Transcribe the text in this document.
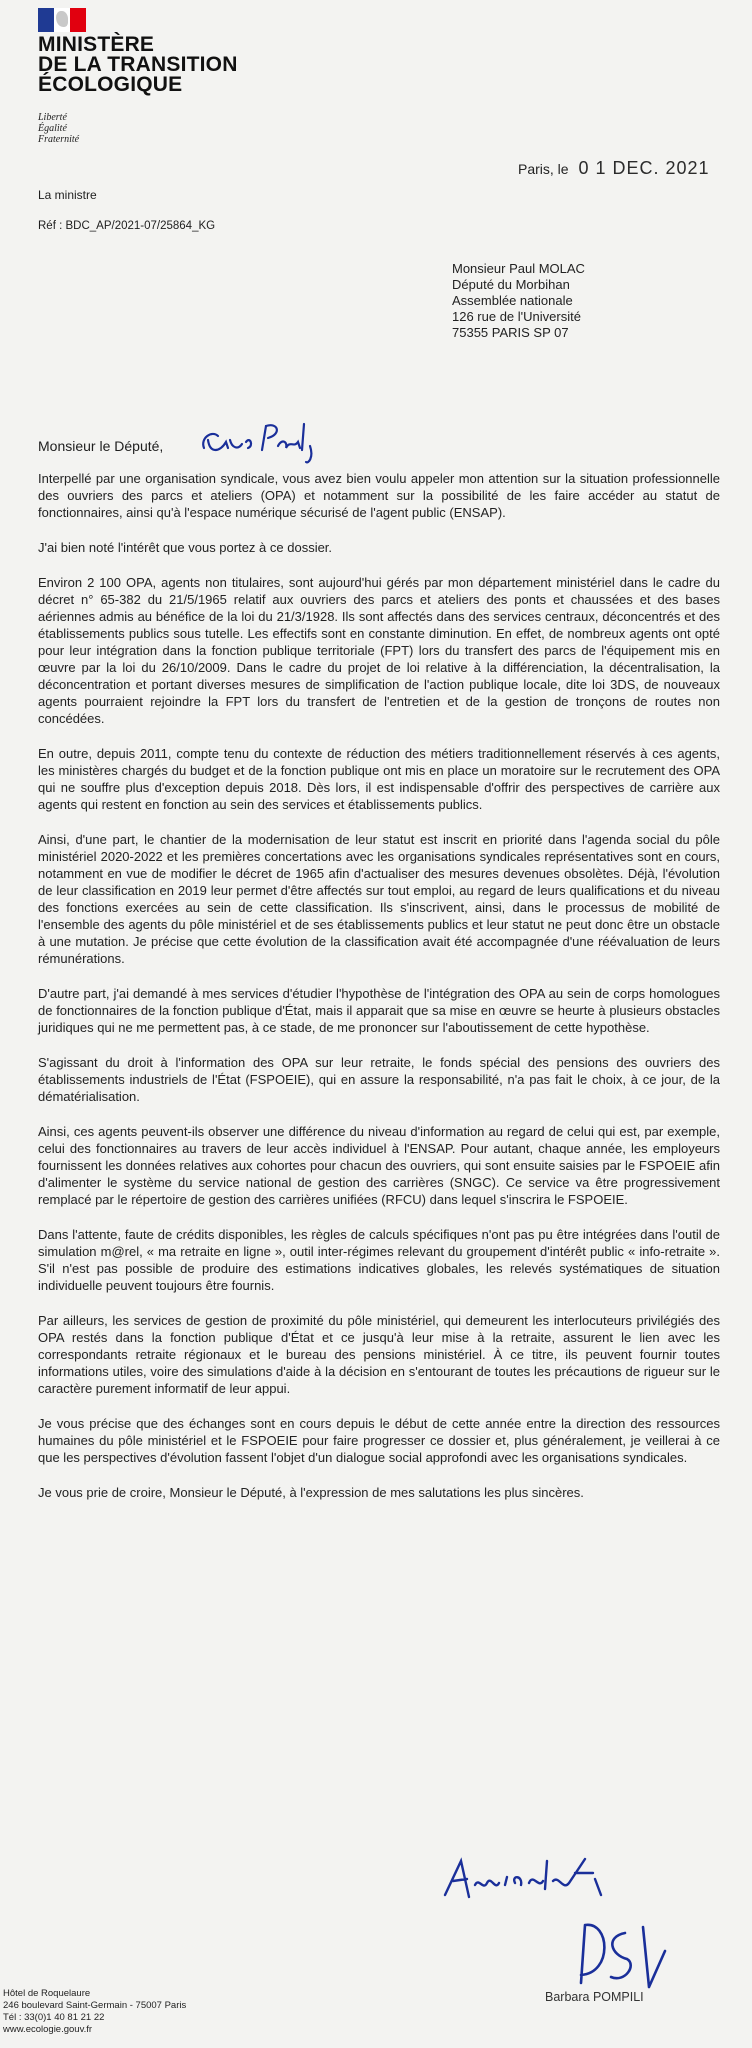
MINISTÈRE
DE LA TRANSITION
ÉCOLOGIQUE
Liberté
Égalité
Fraternité
Paris, le 0 1 DEC. 2021
La ministre
Réf : BDC_AP/2021-07/25864_KG
Monsieur Paul MOLAC
Député du Morbihan
Assemblée nationale
126 rue de l'Université
75355 PARIS SP 07
Monsieur le Député,

Interpellé par une organisation syndicale, vous avez bien voulu appeler mon attention sur la situation professionnelle des ouvriers des parcs et ateliers (OPA) et notamment sur la possibilité de les faire accéder au statut de fonctionnaires, ainsi qu'à l'espace numérique sécurisé de l'agent public (ENSAP).

J'ai bien noté l'intérêt que vous portez à ce dossier.

Environ 2 100 OPA, agents non titulaires, sont aujourd'hui gérés par mon département ministériel dans le cadre du décret n° 65-382 du 21/5/1965 relatif aux ouvriers des parcs et ateliers des ponts et chaussées et des bases aériennes admis au bénéfice de la loi du 21/3/1928. Ils sont affectés dans des services centraux, déconcentrés et des établissements publics sous tutelle. Les effectifs sont en constante diminution. En effet, de nombreux agents ont opté pour leur intégration dans la fonction publique territoriale (FPT) lors du transfert des parcs de l'équipement mis en œuvre par la loi du 26/10/2009. Dans le cadre du projet de loi relative à la différenciation, la décentralisation, la déconcentration et portant diverses mesures de simplification de l'action publique locale, dite loi 3DS, de nouveaux agents pourraient rejoindre la FPT lors du transfert de l'entretien et de la gestion de tronçons de routes non concédées.

En outre, depuis 2011, compte tenu du contexte de réduction des métiers traditionnellement réservés à ces agents, les ministères chargés du budget et de la fonction publique ont mis en place un moratoire sur le recrutement des OPA qui ne souffre plus d'exception depuis 2018. Dès lors, il est indispensable d'offrir des perspectives de carrière aux agents qui restent en fonction au sein des services et établissements publics.

Ainsi, d'une part, le chantier de la modernisation de leur statut est inscrit en priorité dans l'agenda social du pôle ministériel 2020-2022 et les premières concertations avec les organisations syndicales représentatives sont en cours, notamment en vue de modifier le décret de 1965 afin d'actualiser des mesures devenues obsolètes. Déjà, l'évolution de leur classification en 2019 leur permet d'être affectés sur tout emploi, au regard de leurs qualifications et du niveau des fonctions exercées au sein de cette classification. Ils s'inscrivent, ainsi, dans le processus de mobilité de l'ensemble des agents du pôle ministériel et de ses établissements publics et leur statut ne peut donc être un obstacle à une mutation. Je précise que cette évolution de la classification avait été accompagnée d'une réévaluation de leurs rémunérations.

D'autre part, j'ai demandé à mes services d'étudier l'hypothèse de l'intégration des OPA au sein de corps homologues de fonctionnaires de la fonction publique d'État, mais il apparait que sa mise en œuvre se heurte à plusieurs obstacles juridiques qui ne me permettent pas, à ce stade, de me prononcer sur l'aboutissement de cette hypothèse.

S'agissant du droit à l'information des OPA sur leur retraite, le fonds spécial des pensions des ouvriers des établissements industriels de l'État (FSPOEIE), qui en assure la responsabilité, n'a pas fait le choix, à ce jour, de la dématérialisation.

Ainsi, ces agents peuvent-ils observer une différence du niveau d'information au regard de celui qui est, par exemple, celui des fonctionnaires au travers de leur accès individuel à l'ENSAP. Pour autant, chaque année, les employeurs fournissent les données relatives aux cohortes pour chacun des ouvriers, qui sont ensuite saisies par le FSPOEIE afin d'alimenter le système du service national de gestion des carrières (SNGC). Ce service va être progressivement remplacé par le répertoire de gestion des carrières unifiées (RFCU) dans lequel s'inscrira le FSPOEIE.

Dans l'attente, faute de crédits disponibles, les règles de calculs spécifiques n'ont pas pu être intégrées dans l'outil de simulation m@rel, « ma retraite en ligne », outil inter-régimes relevant du groupement d'intérêt public « info-retraite ». S'il n'est pas possible de produire des estimations indicatives globales, les relevés systématiques de situation individuelle peuvent toujours être fournis.

Par ailleurs, les services de gestion de proximité du pôle ministériel, qui demeurent les interlocuteurs privilégiés des OPA restés dans la fonction publique d'État et ce jusqu'à leur mise à la retraite, assurent le lien avec les correspondants retraite régionaux et le bureau des pensions ministériel. À ce titre, ils peuvent fournir toutes informations utiles, voire des simulations d'aide à la décision en s'entourant de toutes les précautions de rigueur sur le caractère purement informatif de leur appui.

Je vous précise que des échanges sont en cours depuis le début de cette année entre la direction des ressources humaines du pôle ministériel et le FSPOEIE pour faire progresser ce dossier et, plus généralement, je veillerai à ce que les perspectives d'évolution fassent l'objet d'un dialogue social approfondi avec les organisations syndicales.

Je vous prie de croire, Monsieur le Député, à l'expression de mes salutations les plus sincères.

Barbara POMPILI
Hôtel de Roquelaure
246 boulevard Saint-Germain - 75007 Paris
Tél : 33(0)1 40 81 21 22
www.ecologie.gouv.fr
